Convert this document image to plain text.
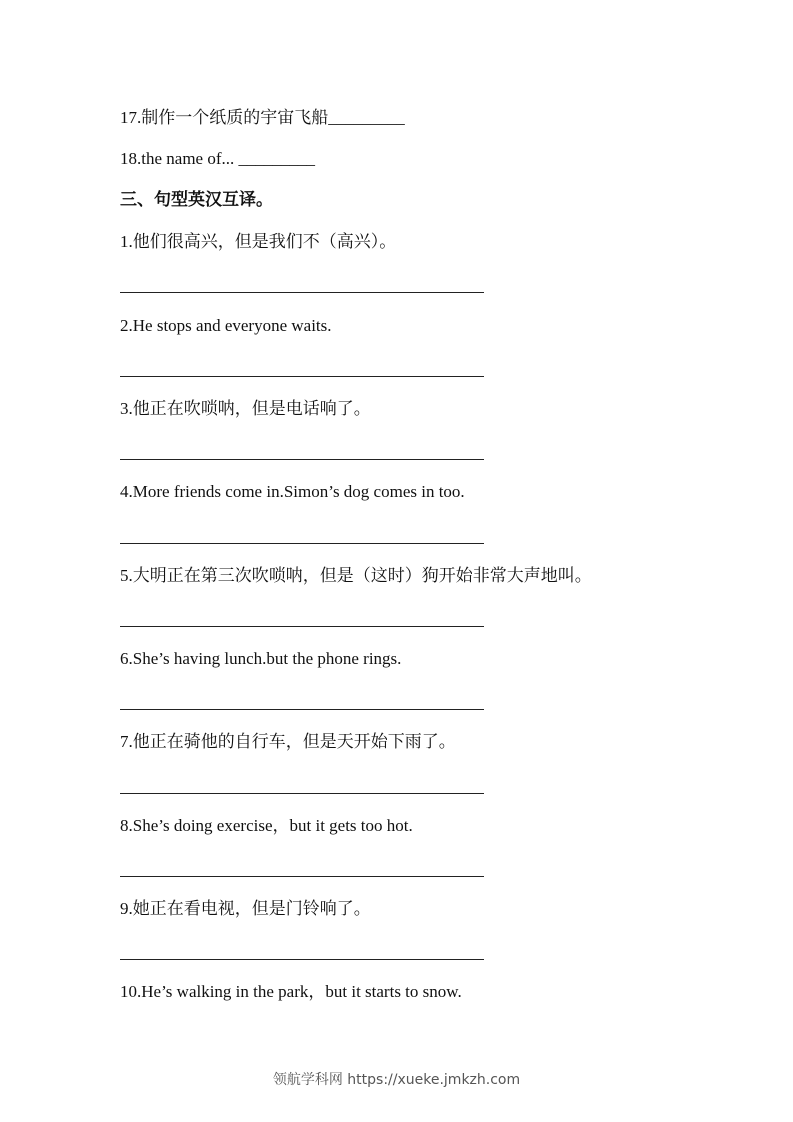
17.制作一个纸质的宇宙飞船_________
18.the name of... _________
三、句型英汉互译。
1.他们很高兴，但是我们不（高兴）。
2.He stops and everyone waits.
3.他正在吹唢呐，但是电话响了。
4.More friends come in.Simon’s dog comes in too.
5.大明正在第三次吹唢呐，但是（这时）狗开始非常大声地叫。
6.She’s having lunch.but the phone rings.
7.他正在骑他的自行车，但是天开始下雨了。
8.She’s doing exercise，but it gets too hot.
9.她正在看电视，但是门铃响了。
10.He’s walking in the park，but it starts to snow.
领航学科网 https://xueke.jmkzh.com
